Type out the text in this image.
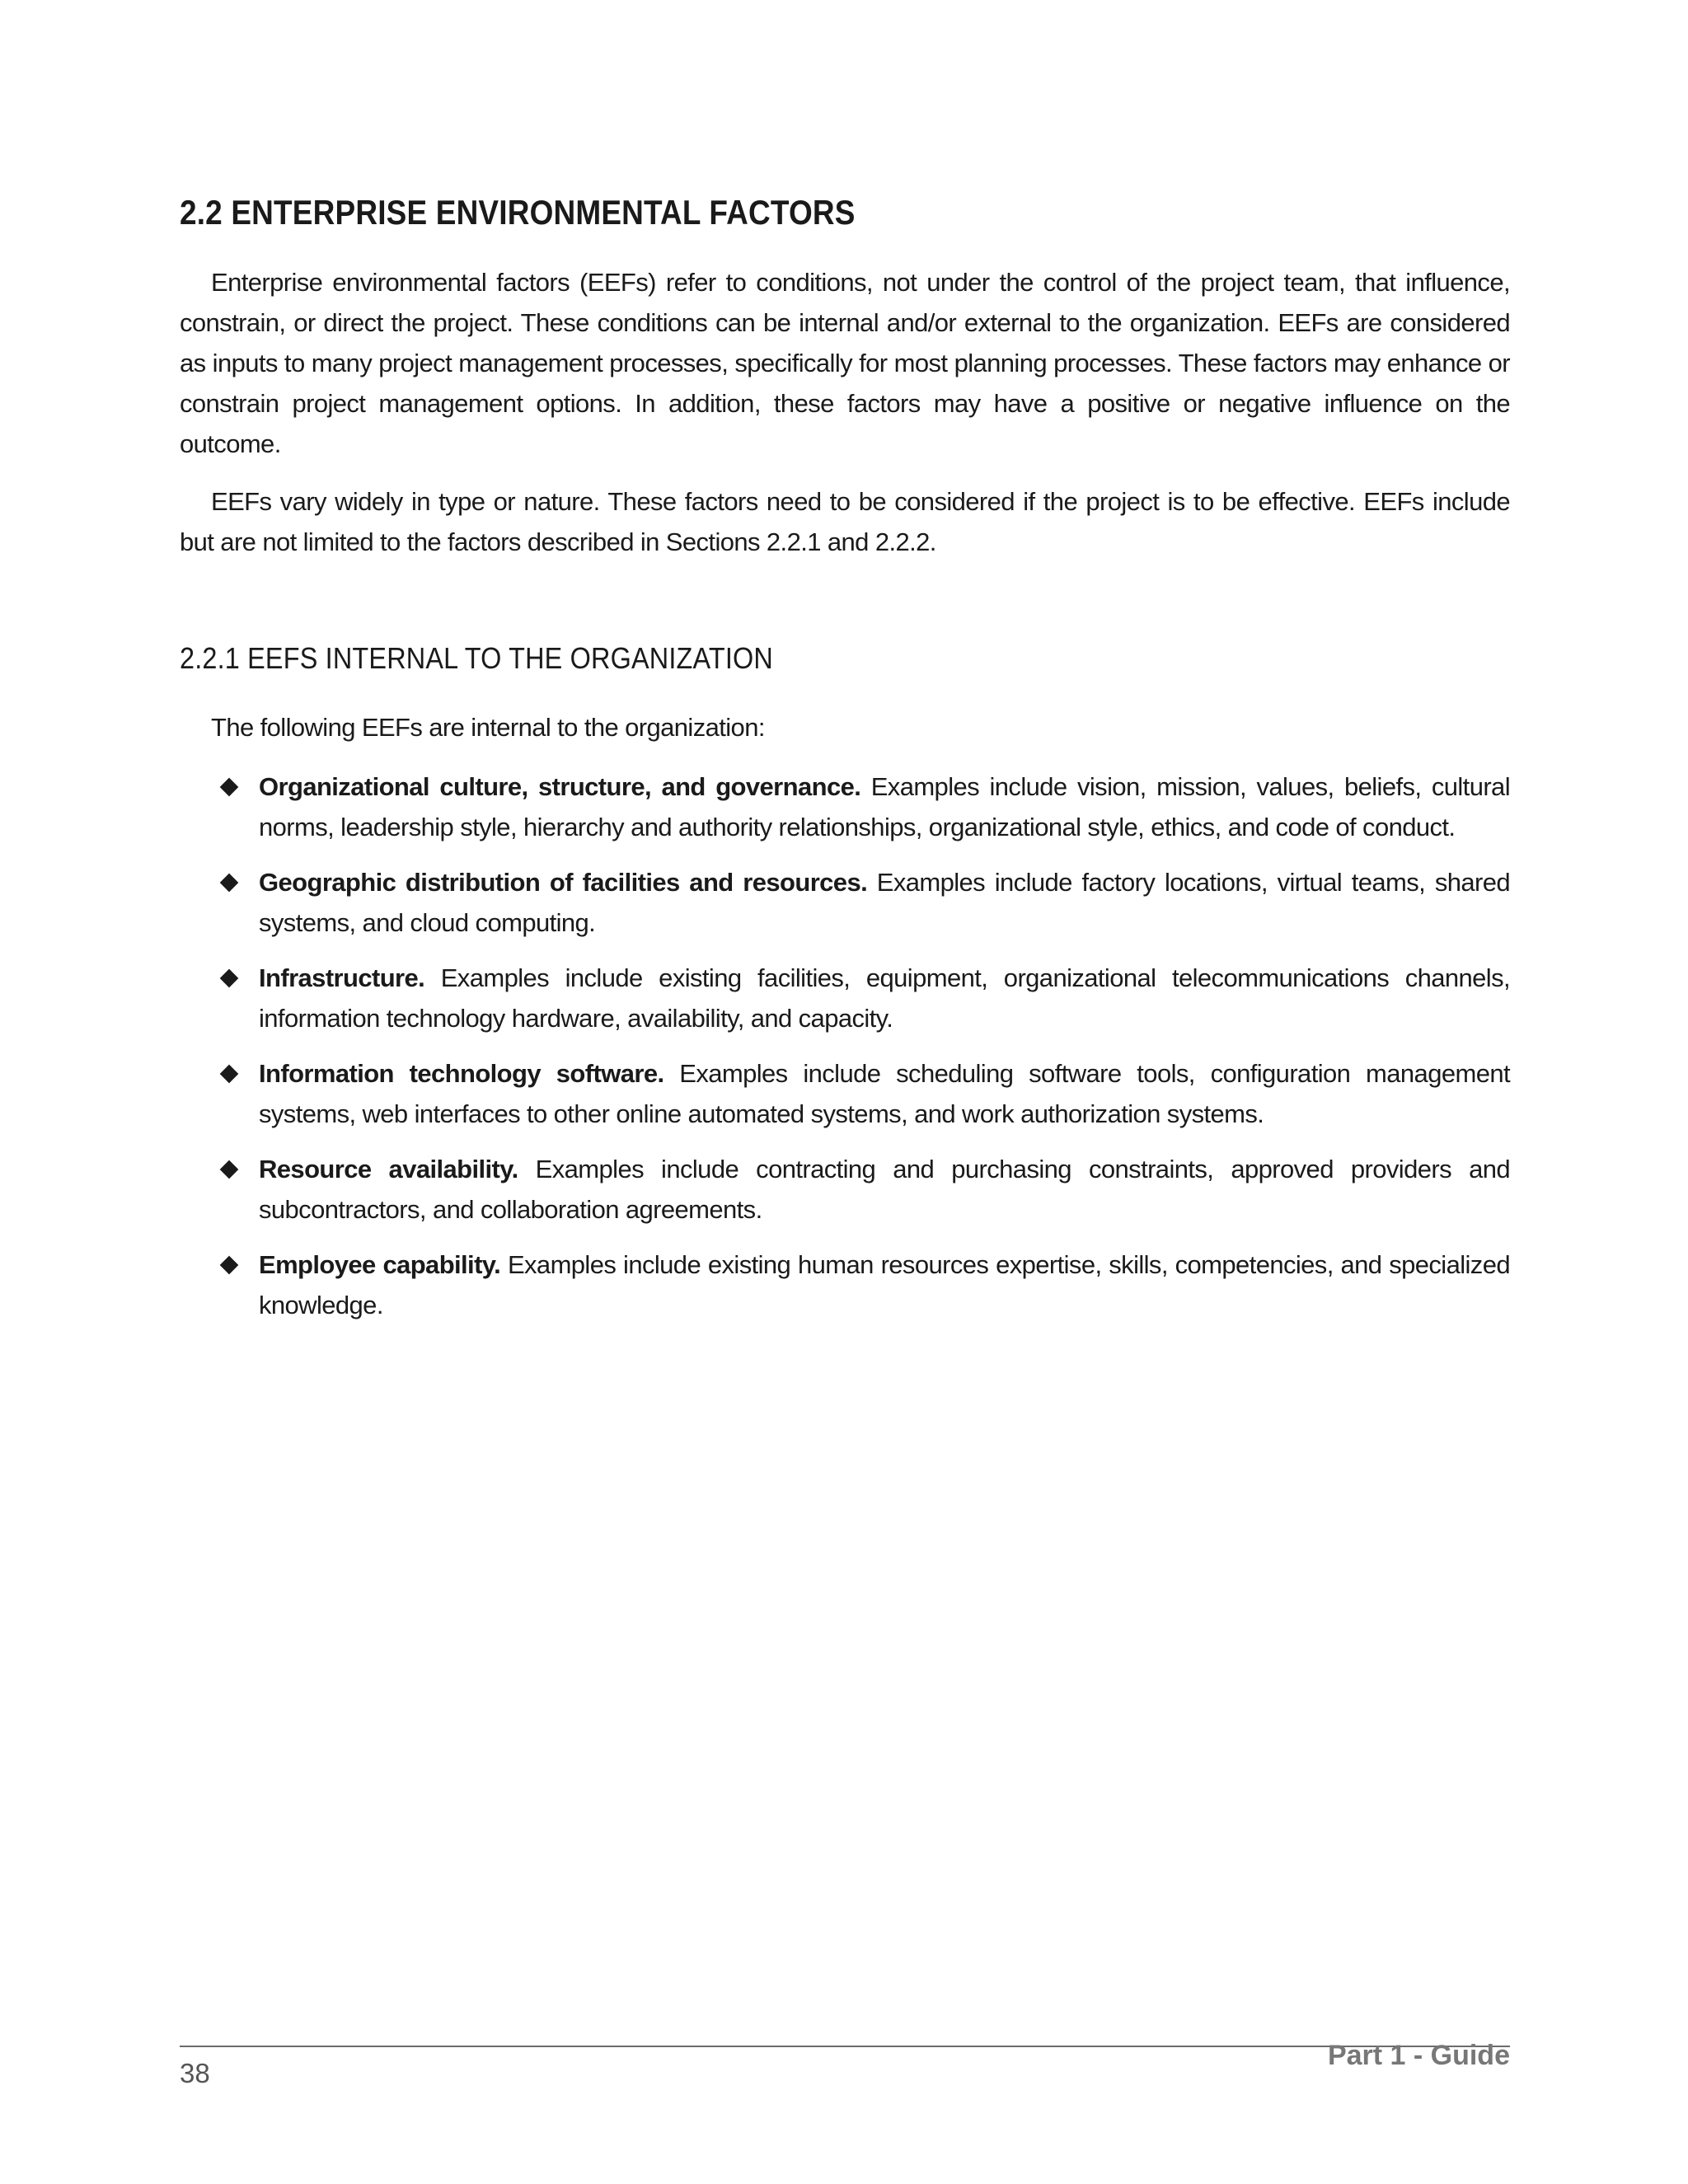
2.2 ENTERPRISE ENVIRONMENTAL FACTORS

Enterprise environmental factors (EEFs) refer to conditions, not under the control of the project team, that influence, constrain, or direct the project. These conditions can be internal and/or external to the organization. EEFs are considered as inputs to many project management processes, specifically for most planning processes. These factors may enhance or constrain project management options. In addition, these factors may have a positive or negative influence on the outcome.

EEFs vary widely in type or nature. These factors need to be considered if the project is to be effective. EEFs include but are not limited to the factors described in Sections 2.2.1 and 2.2.2.

2.2.1 EEFS INTERNAL TO THE ORGANIZATION

The following EEFs are internal to the organization:

Organizational culture, structure, and governance. Examples include vision, mission, values, beliefs, cultural norms, leadership style, hierarchy and authority relationships, organizational style, ethics, and code of conduct.
Geographic distribution of facilities and resources. Examples include factory locations, virtual teams, shared systems, and cloud computing.
Infrastructure. Examples include existing facilities, equipment, organizational telecommunications channels, information technology hardware, availability, and capacity.
Information technology software. Examples include scheduling software tools, configuration management systems, web interfaces to other online automated systems, and work authorization systems.
Resource availability. Examples include contracting and purchasing constraints, approved providers and subcontractors, and collaboration agreements.
Employee capability. Examples include existing human resources expertise, skills, competencies, and specialized knowledge.

38

Part 1 - Guide
